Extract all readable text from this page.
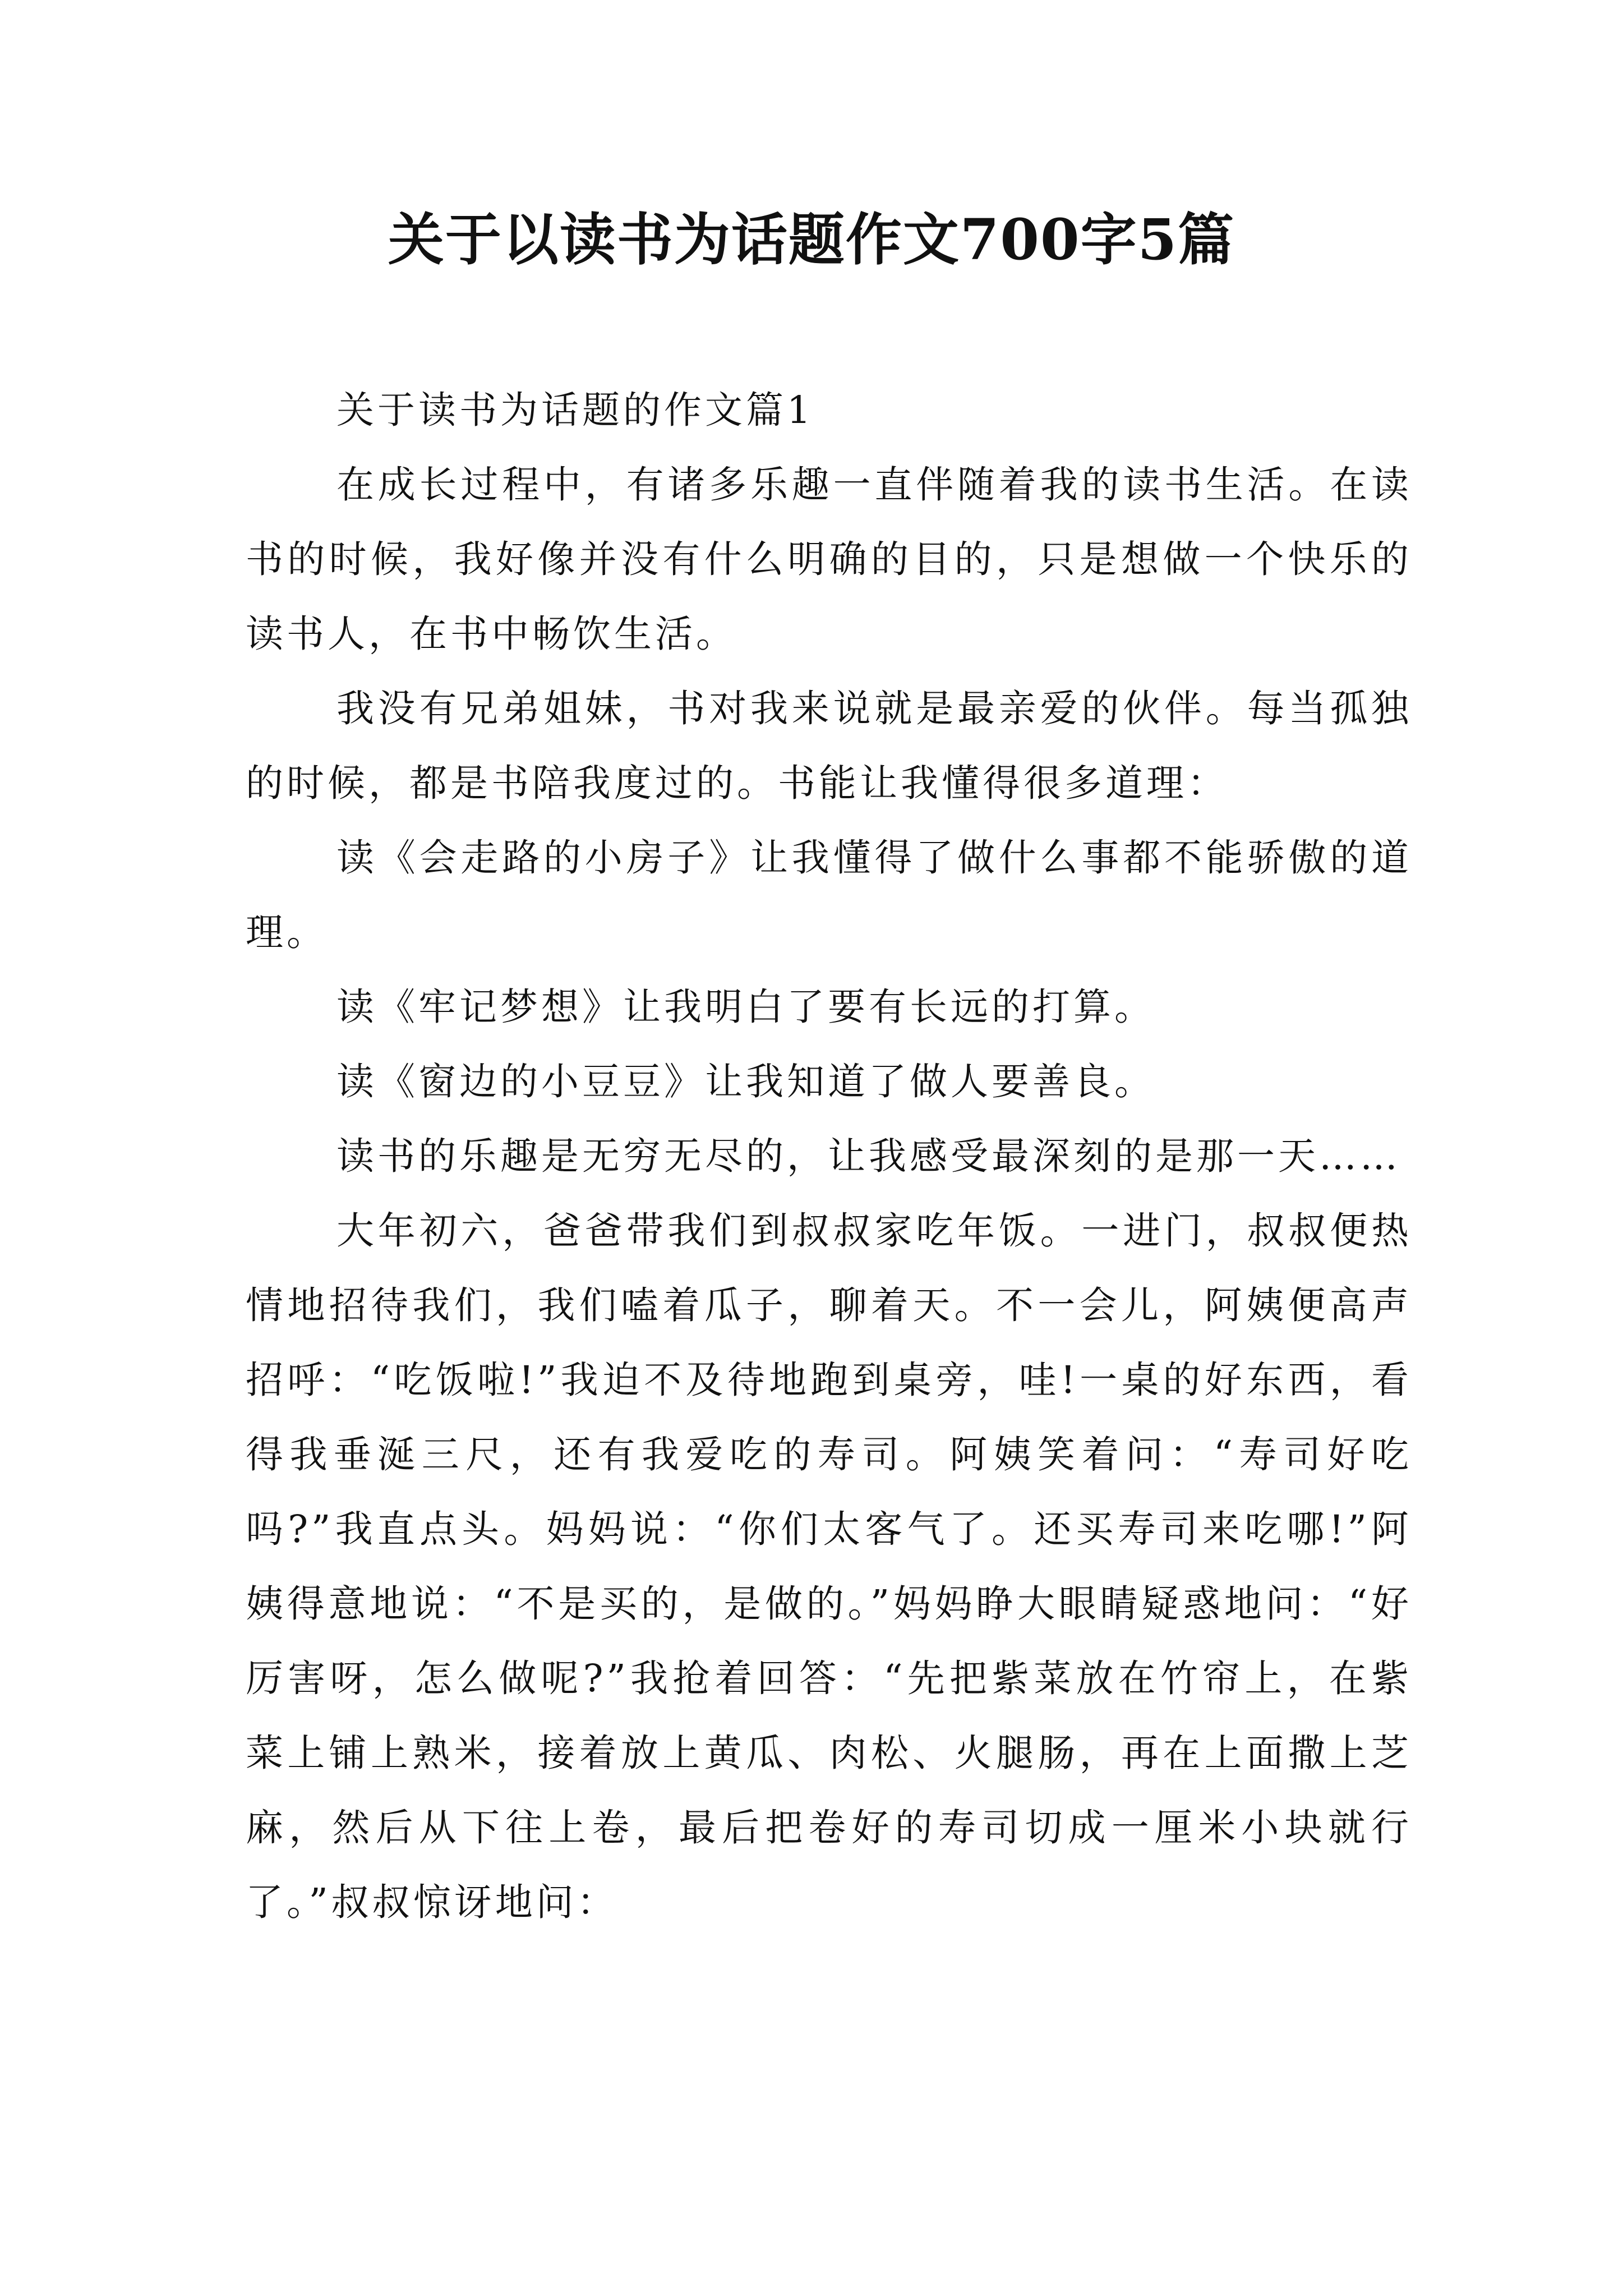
关于以读书为话题作文700字5篇

关于读书为话题的作文篇1

在成长过程中，有诸多乐趣一直伴随着我的读书生活。在读书的时候，我好像并没有什么明确的目的，只是想做一个快乐的读书人，在书中畅饮生活。

我没有兄弟姐妹，书对我来说就是最亲爱的伙伴。每当孤独的时候，都是书陪我度过的。书能让我懂得很多道理：

读《会走路的小房子》让我懂得了做什么事都不能骄傲的道理。

读《牢记梦想》让我明白了要有长远的打算。

读《窗边的小豆豆》让我知道了做人要善良。

读书的乐趣是无穷无尽的，让我感受最深刻的是那一天……

大年初六，爸爸带我们到叔叔家吃年饭。一进门，叔叔便热情地招待我们，我们嗑着瓜子，聊着天。不一会儿，阿姨便高声招呼：“吃饭啦!”我迫不及待地跑到桌旁，哇!一桌的好东西，看得我垂涎三尺，还有我爱吃的寿司。阿姨笑着问：“寿司好吃吗?”我直点头。妈妈说：“你们太客气了。还买寿司来吃哪!”阿姨得意地说：“不是买的，是做的。”妈妈睁大眼睛疑惑地问：“好厉害呀，怎么做呢?”我抢着回答：“先把紫菜放在竹帘上，在紫菜上铺上熟米，接着放上黄瓜、肉松、火腿肠，再在上面撒上芝麻，然后从下往上卷，最后把卷好的寿司切成一厘米小块就行了。”叔叔惊讶地问：
